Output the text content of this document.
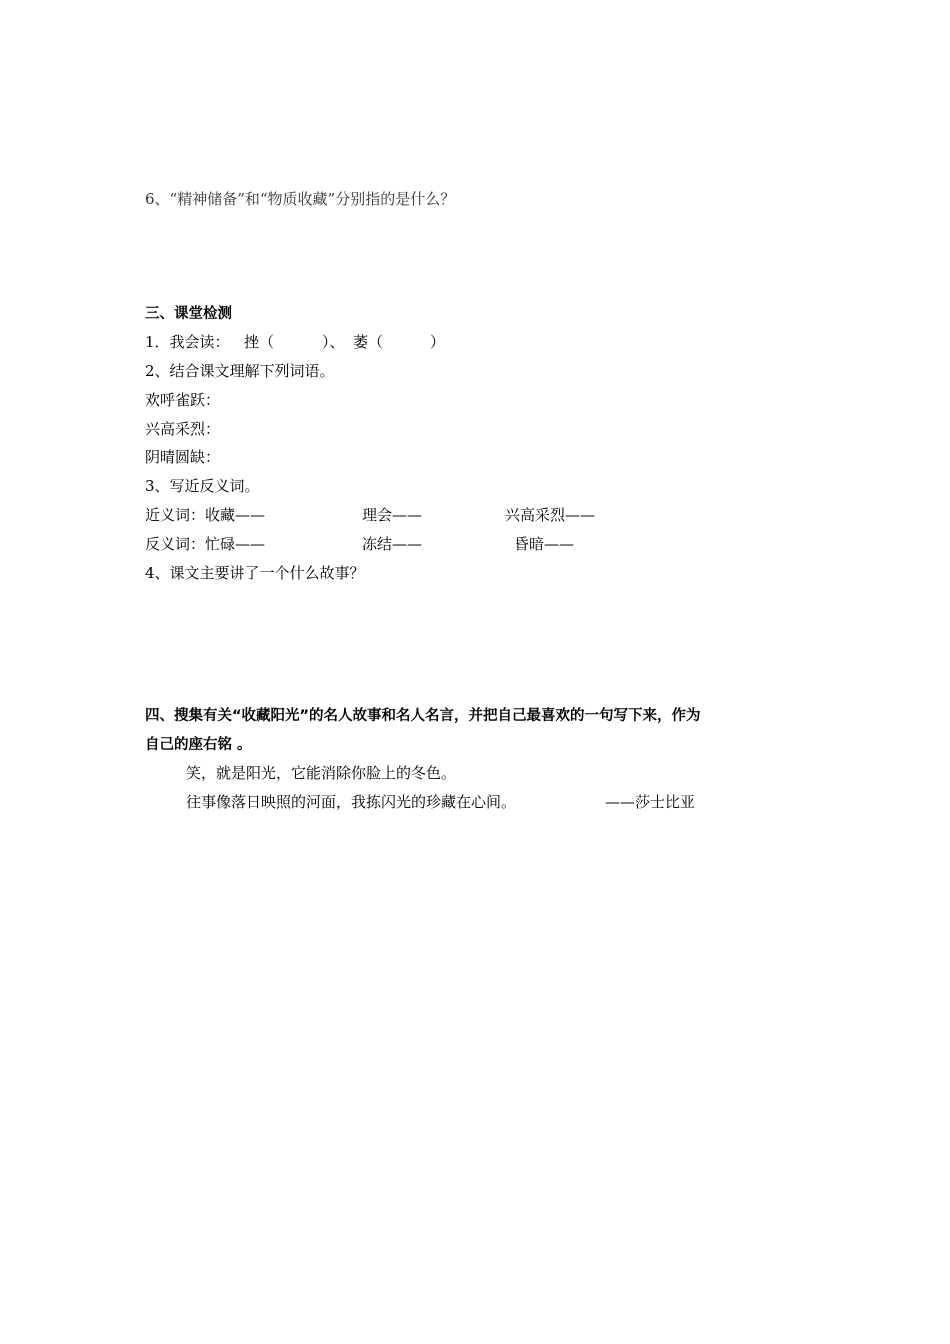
6、“精神储备”和“物质收藏”分别指的是什么？
三、课堂检测
1．我会读： 挫（	）、 萎（	）
2、结合课文理解下列词语。
欢呼雀跃：
兴高采烈：
阴晴圆缺：
3、写近反义词。
近义词：收藏——	理会——	兴高采烈——
反义词：忙碌——	冻结——	昏暗——
4、课文主要讲了一个什么故事？
四、搜集有关“收藏阳光”的名人故事和名人名言，并把自己最喜欢的一句写下来，作为
自己的座右铭 。
笑，就是阳光，它能消除你脸上的冬色。
往事像落日映照的河面，我拣闪光的珍藏在心间。	——莎士比亚
